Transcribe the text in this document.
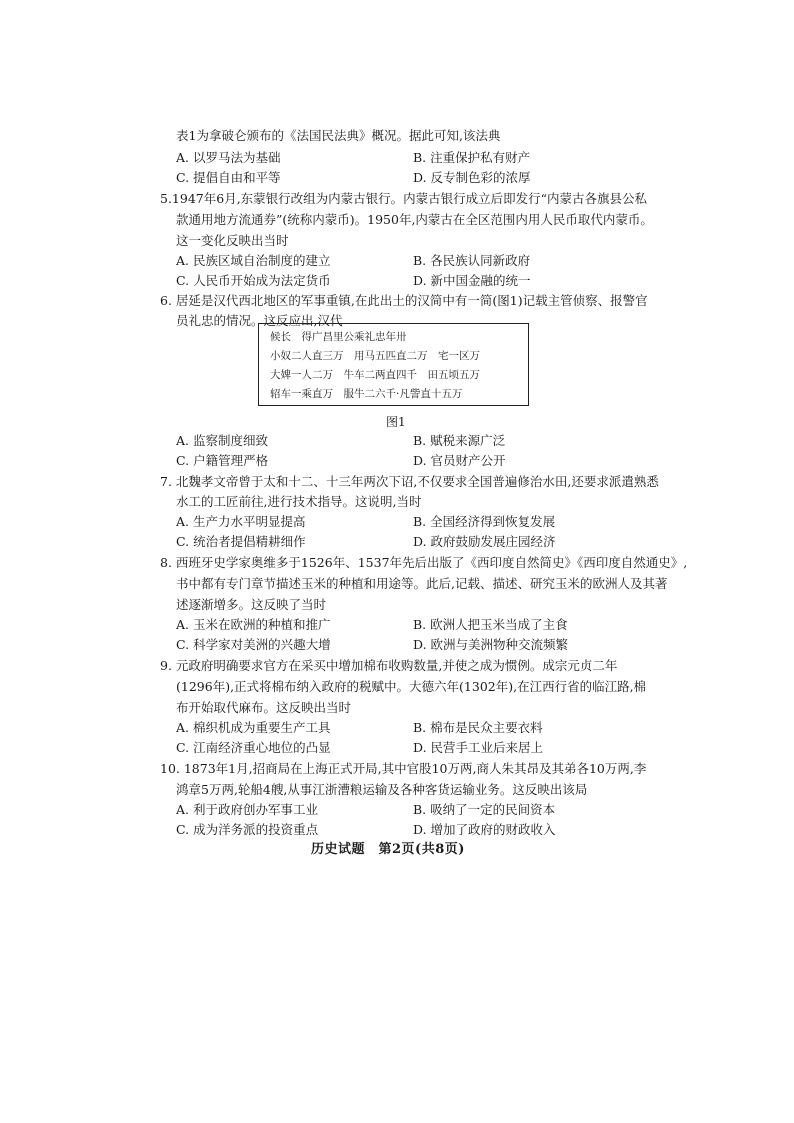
表1为拿破仑颁布的《法国民法典》概况。据此可知,该法典
A. 以罗马法为基础	B. 注重保护私有财产
C. 提倡自由和平等	D. 反专制色彩的浓厚
5.1947年6月,东蒙银行改组为内蒙古银行。内蒙古银行成立后即发行“内蒙古各旗县公私
款通用地方流通券”(统称内蒙币)。1950年,内蒙古在全区范围内用人民币取代内蒙币。
这一变化反映出当时
A. 民族区域自治制度的建立	B. 各民族认同新政府
C. 人民币开始成为法定货币	D. 新中国金融的统一
6. 居延是汉代西北地区的军事重镇,在此出土的汉简中有一简(图1)记载主管侦察、报警官
员礼忠的情况。这反应出,汉代
候长　得广昌里公乘礼忠年卅
小奴二人直三万　用马五匹直二万　宅一区万
大婢一人二万　牛车二两直四千　田五顷五万
轺车一乘直万　服牛二六千·凡訾直十五万
图1
A. 监察制度细致	B. 赋税来源广泛
C. 户籍管理严格	D. 官员财产公开
7. 北魏孝文帝曾于太和十二、十三年两次下诏,不仅要求全国普遍修治水田,还要求派遣熟悉
水工的工匠前往,进行技术指导。这说明,当时
A. 生产力水平明显提高	B. 全国经济得到恢复发展
C. 统治者提倡精耕细作	D. 政府鼓励发展庄园经济
8. 西班牙史学家奥维多于1526年、1537年先后出版了《西印度自然简史》《西印度自然通史》,
书中都有专门章节描述玉米的种植和用途等。此后,记载、描述、研究玉米的欧洲人及其著
述逐渐增多。这反映了当时
A. 玉米在欧洲的种植和推广	B. 欧洲人把玉米当成了主食
C. 科学家对美洲的兴趣大增	D. 欧洲与美洲物种交流频繁
9. 元政府明确要求官方在采买中增加棉布收购数量,并使之成为惯例。成宗元贞二年
(1296年),正式将棉布纳入政府的税赋中。大德六年(1302年),在江西行省的临江路,棉
布开始取代麻布。这反映出当时
A. 棉织机成为重要生产工具	B. 棉布是民众主要衣料
C. 江南经济重心地位的凸显	D. 民营手工业后来居上
10. 1873年1月,招商局在上海正式开局,其中官股10万两,商人朱其昂及其弟各10万两,李
鸿章5万两,轮船4艘,从事江浙漕粮运输及各种客货运输业务。这反映出该局
A. 利于政府创办军事工业	B. 吸纳了一定的民间资本
C. 成为洋务派的投资重点	D. 增加了政府的财政收入
历史试题　第2页(共8页)
